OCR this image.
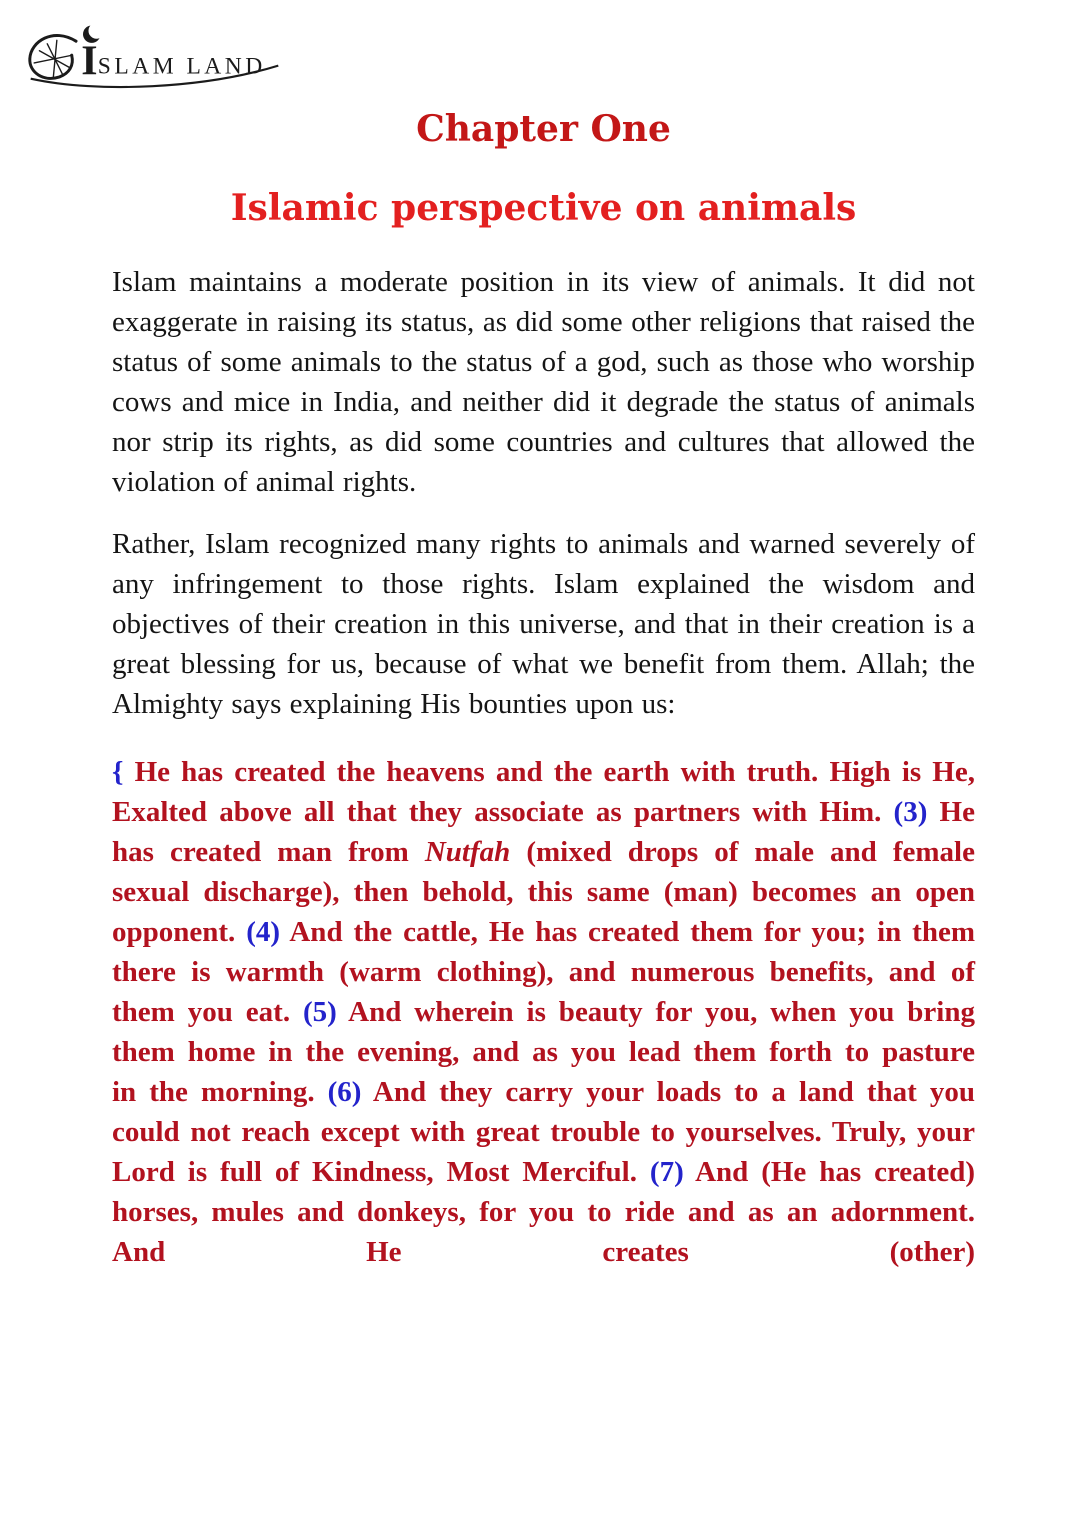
I SLAM LAND
Chapter One
Islamic perspective on animals

Islam maintains a moderate position in its view of animals. It did not exaggerate in raising its status, as did some other religions that raised the status of some animals to the status of a god, such as those who worship cows and mice in India, and neither did it degrade the status of animals nor strip its rights, as did some countries and cultures that allowed the violation of animal rights.

Rather, Islam recognized many rights to animals and warned severely of any infringement to those rights. Islam explained the wisdom and objectives of their creation in this universe, and that in their creation is a great blessing for us, because of what we benefit from them. Allah; the Almighty says explaining His bounties upon us:

{ He has created the heavens and the earth with truth. High is He, Exalted above all that they associate as partners with Him. (3) He has created man from Nutfah (mixed drops of male and female sexual discharge), then behold, this same (man) becomes an open opponent. (4) And the cattle, He has created them for you; in them there is warmth (warm clothing), and numerous benefits, and of them you eat. (5) And wherein is beauty for you, when you bring them home in the evening, and as you lead them forth to pasture in the morning. (6) And they carry your loads to a land that you could not reach except with great trouble to yourselves. Truly, your Lord is full of Kindness, Most Merciful. (7) And (He has created) horses, mules and donkeys, for you to ride and as an adornment. And He creates (other)
